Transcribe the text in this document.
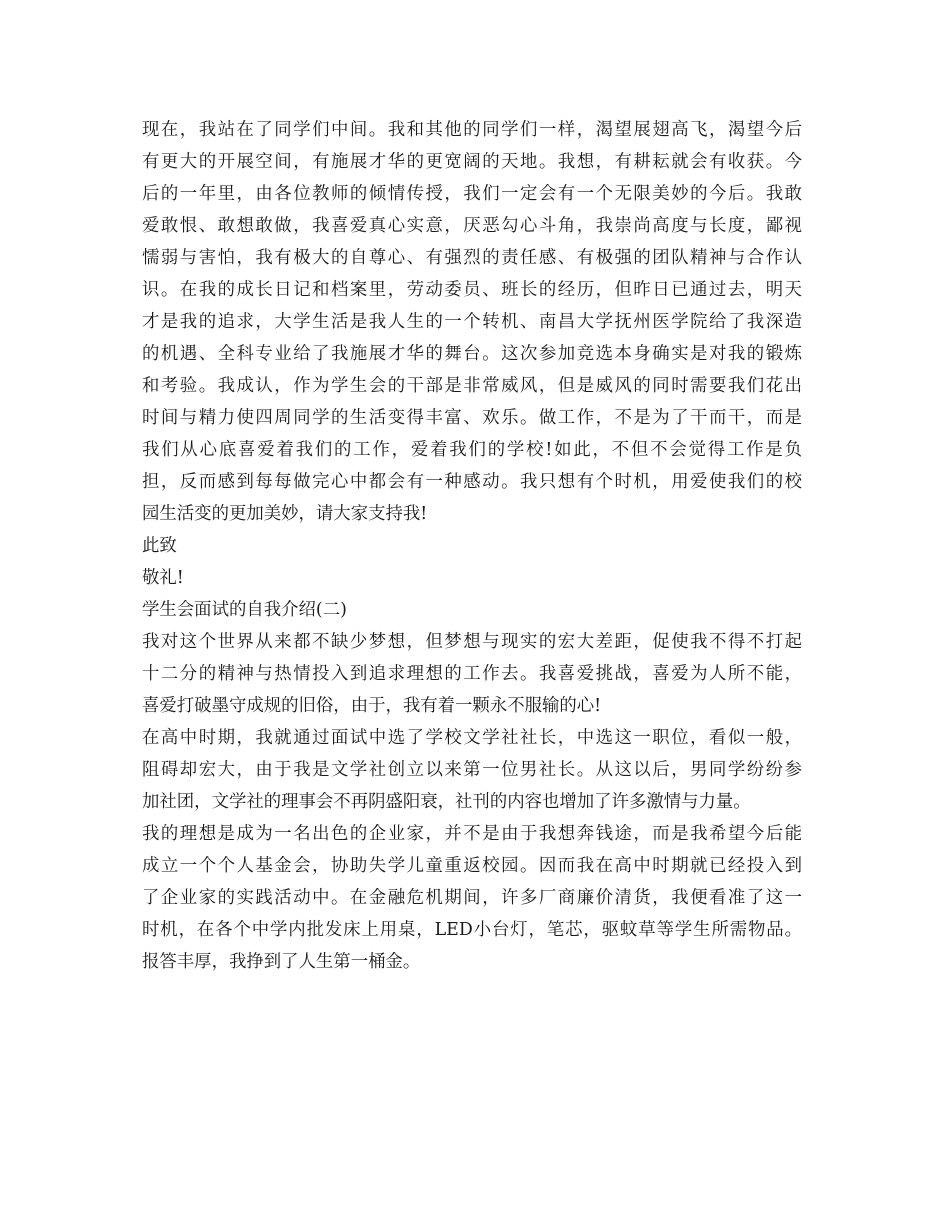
现在，我站在了同学们中间。我和其他的同学们一样，渴望展翅高飞，渴望今后
有更大的开展空间，有施展才华的更宽阔的天地。我想，有耕耘就会有收获。今
后的一年里，由各位教师的倾情传授，我们一定会有一个无限美妙的今后。我敢
爱敢恨、敢想敢做，我喜爱真心实意，厌恶勾心斗角，我崇尚高度与长度，鄙视
懦弱与害怕，我有极大的自尊心、有强烈的责任感、有极强的团队精神与合作认
识。在我的成长日记和档案里，劳动委员、班长的经历，但昨日已通过去，明天
才是我的追求，大学生活是我人生的一个转机、南昌大学抚州医学院给了我深造
的机遇、全科专业给了我施展才华的舞台。这次参加竞选本身确实是对我的锻炼
和考验。我成认，作为学生会的干部是非常威风，但是威风的同时需要我们花出
时间与精力使四周同学的生活变得丰富、欢乐。做工作，不是为了干而干，而是
我们从心底喜爱着我们的工作，爱着我们的学校!如此，不但不会觉得工作是负
担，反而感到每每做完心中都会有一种感动。我只想有个时机，用爱使我们的校
园生活变的更加美妙，请大家支持我!
此致
敬礼!
学生会面试的自我介绍(二)
我对这个世界从来都不缺少梦想，但梦想与现实的宏大差距，促使我不得不打起
十二分的精神与热情投入到追求理想的工作去。我喜爱挑战，喜爱为人所不能，
喜爱打破墨守成规的旧俗，由于，我有着一颗永不服输的心!
在高中时期，我就通过面试中选了学校文学社社长，中选这一职位，看似一般，
阻碍却宏大，由于我是文学社创立以来第一位男社长。从这以后，男同学纷纷参
加社团，文学社的理事会不再阴盛阳衰，社刊的内容也增加了许多激情与力量。
我的理想是成为一名出色的企业家，并不是由于我想奔钱途，而是我希望今后能
成立一个个人基金会，协助失学儿童重返校园。因而我在高中时期就已经投入到
了企业家的实践活动中。在金融危机期间，许多厂商廉价清货，我便看准了这一
时机，在各个中学内批发床上用桌，LED小台灯，笔芯，驱蚊草等学生所需物品。
报答丰厚，我挣到了人生第一桶金。
